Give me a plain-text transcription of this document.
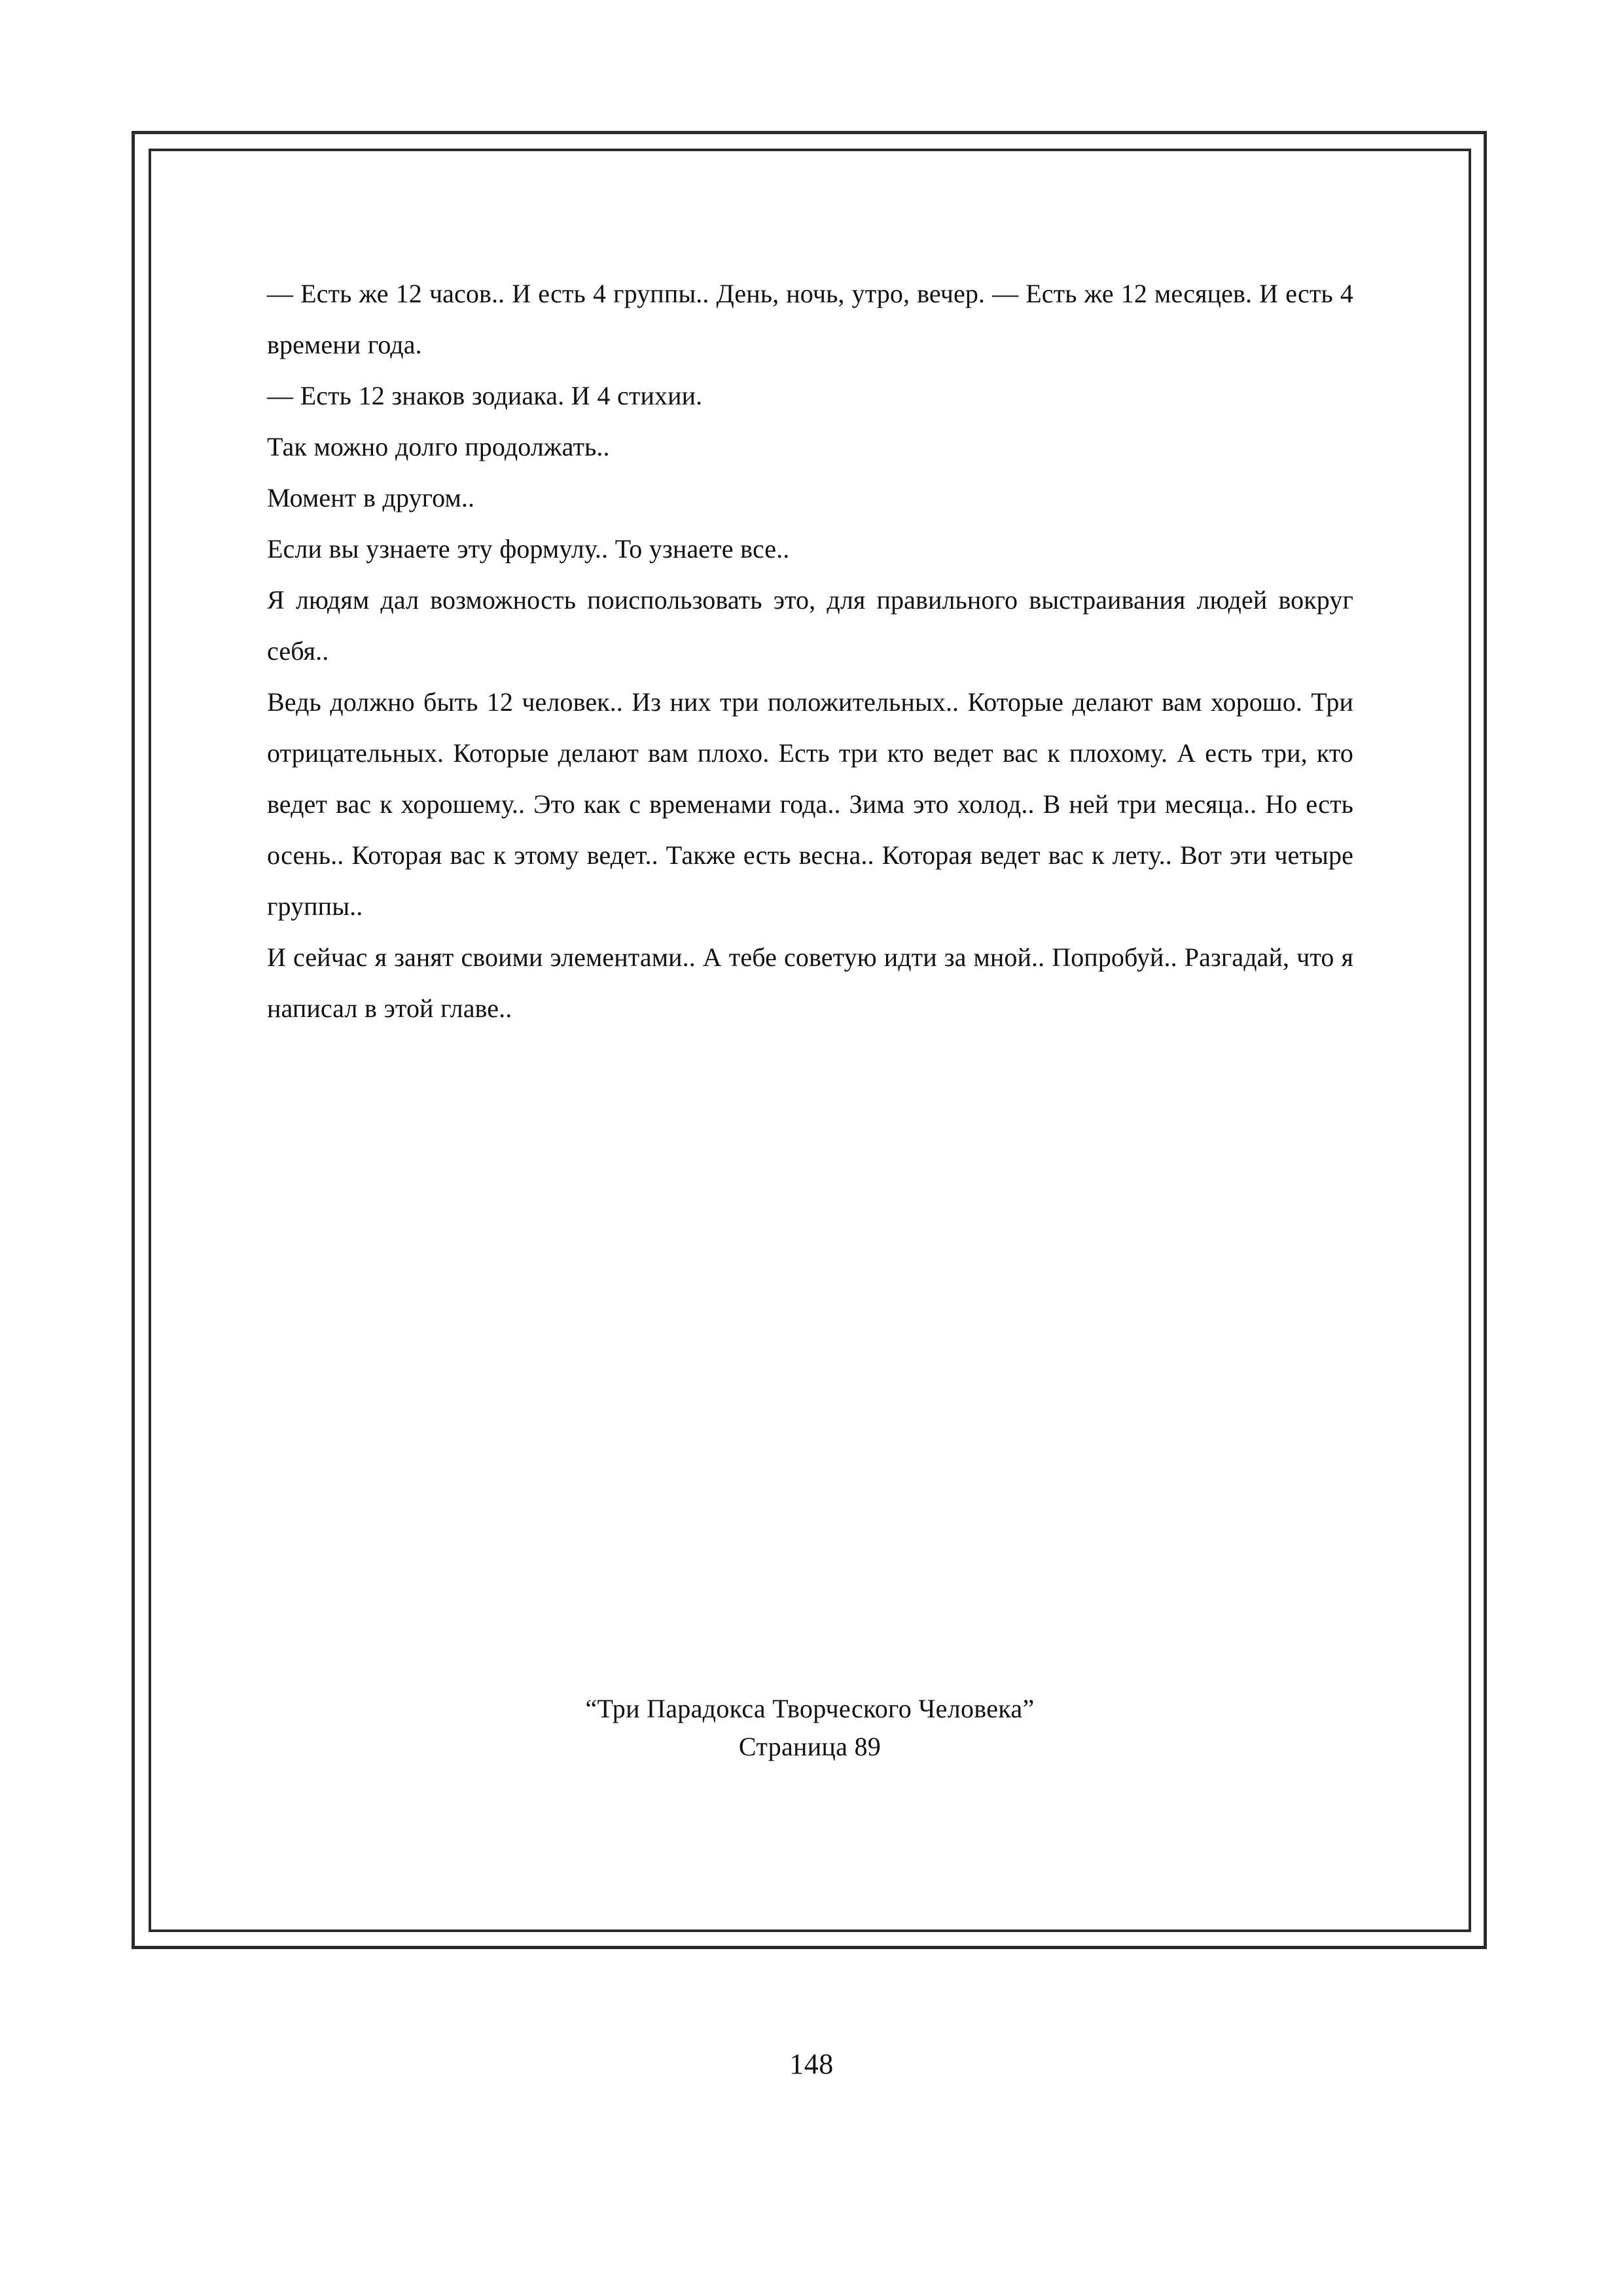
— Есть же 12 часов.. И есть 4 группы.. День, ночь, утро, вечер. — Есть же 12 месяцев. И есть 4 времени года.

— Есть 12 знаков зодиака. И 4 стихии.

Так можно долго продолжать..

Момент в другом..

Если вы узнаете эту формулу.. То узнаете все..

Я людям дал возможность поиспользовать это, для правильного выстраивания людей вокруг себя..

Ведь должно быть 12 человек.. Из них три положительных.. Которые делают вам хорошо. Три отрицательных. Которые делают вам плохо. Есть три кто ведет вас к плохому. А есть три, кто ведет вас к хорошему.. Это как с временами года.. Зима это холод.. В ней три месяца.. Но есть осень.. Которая вас к этому ведет.. Также есть весна.. Которая ведет вас к лету.. Вот эти четыре группы..

И сейчас я занят своими элементами.. А тебе советую идти за мной.. Попробуй.. Разгадай, что я написал в этой главе..

“Три Парадокса Творческого Человека”

Страница 89

148
